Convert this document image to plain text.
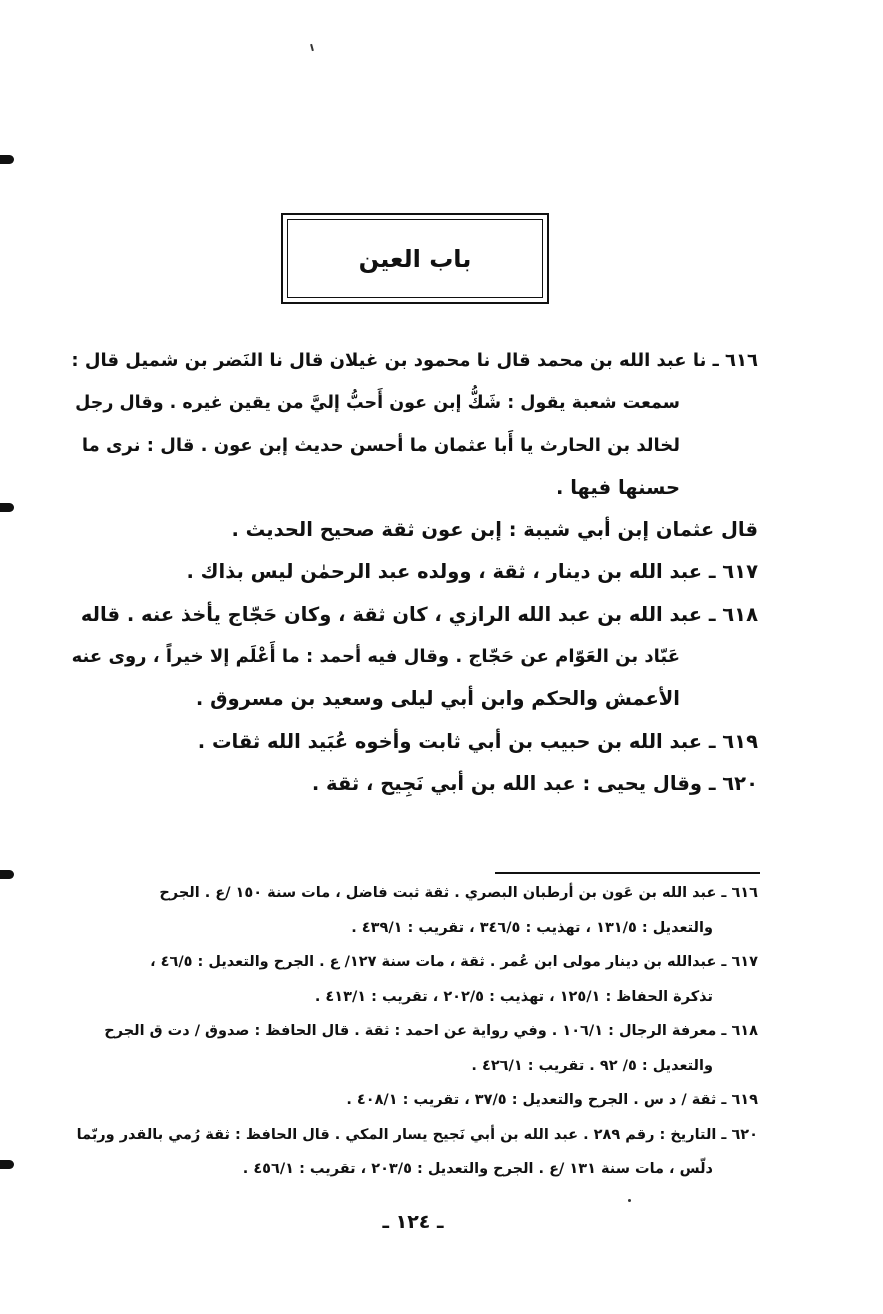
باب العين
٦١٦ ـ نا عبد الله بن محمد قال نا محمود بن غيلان قال نا النَضر بن شميل قال :
سمعت شعبة يقول : شَكُّ إبن عون أَحبُّ إليَّ من يقين غيره . وقال رجل
لخالد بن الحارث يا أَبا عثمان ما أحسن حديث إبن عون . قال : نرى ما
حسنها فيها .
قال عثمان إبن أبي شيبة : إبن عون ثقة صحيح الحديث .
٦١٧ ـ عبد الله بن دينار ، ثقة ، وولده عبد الرحمٰن ليس بذاك .
٦١٨ ـ عبد الله بن عبد الله الرازي ، كان ثقة ، وكان حَجّاج يأخذ عنه . قاله
عَبّاد بن العَوّام عن حَجّاج . وقال فيه أحمد : ما أَعْلَم إلا خيراً ، روى عنه
الأعمش والحكم وابن أبي ليلى وسعيد بن مسروق .
٦١٩ ـ عبد الله بن حبيب بن أبي ثابت وأخوه عُبَيد الله ثقات .
٦٢٠ ـ وقال يحيى : عبد الله بن أبي نَجِيح ، ثقة .
٦١٦ ـ عبد الله بن عَون بن أرطبان البصري . ثقة ثبت فاضل ، مات سنة ١٥٠ /ع . الجرح
والتعديل : ١٣١/٥ ، تهذيب : ٣٤٦/٥ ، تقريب : ٤٣٩/١ .
٦١٧ ـ عبدالله بن دينار مولى ابن عُمر . ثقة ، مات سنة ١٢٧/ ع . الجرح والتعديل : ٤٦/٥ ،
تذكرة الحفاظ : ١٢٥/١ ، تهذيب : ٢٠٢/٥ ، تقريب : ٤١٣/١ .
٦١٨ ـ معرفة الرجال : ١٠٦/١ . وفي رواية عن احمد : ثقة . قال الحافظ : صدوق / دت ق الجرح
والتعديل : ٥/ ٩٢ . تقريب : ٤٢٦/١ .
٦١٩ ـ ثقة / د س . الجرح والتعديل : ٣٧/٥ ، تقريب : ٤٠٨/١ .
٦٢٠ ـ التاريخ : رقم ٢٨٩ . عبد الله بن أبي نَجيح يسار المكي . قال الحافظ : ثقة رُمي بالقدر وربّما
دلّس ، مات سنة ١٣١ /ع . الجرح والتعديل : ٢٠٣/٥ ، تقريب : ٤٥٦/١ .
ـ ١٢٤ ـ
